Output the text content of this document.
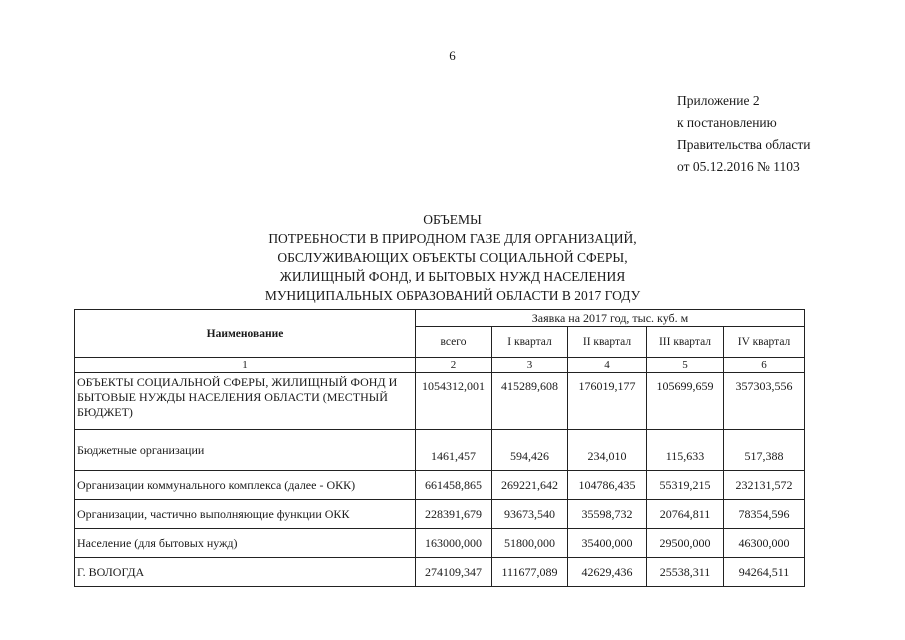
6
Приложение 2
к постановлению
Правительства области
от 05.12.2016 № 1103
ОБЪЕМЫ
ПОТРЕБНОСТИ В ПРИРОДНОМ ГАЗЕ ДЛЯ ОРГАНИЗАЦИЙ,
ОБСЛУЖИВАЮЩИХ ОБЪЕКТЫ СОЦИАЛЬНОЙ СФЕРЫ,
ЖИЛИЩНЫЙ ФОНД, И БЫТОВЫХ НУЖД НАСЕЛЕНИЯ
МУНИЦИПАЛЬНЫХ ОБРАЗОВАНИЙ ОБЛАСТИ В 2017 ГОДУ
Наименование	Заявка на 2017 год, тыс. куб. м				
	всего	I квартал	II квартал	III квартал	IV квартал
1	2	3	4	5	6
ОБЪЕКТЫ СОЦИАЛЬНОЙ СФЕРЫ, ЖИЛИЩНЫЙ ФОНД И БЫТОВЫЕ НУЖДЫ НАСЕЛЕНИЯ ОБЛАСТИ (МЕСТНЫЙ БЮДЖЕТ)	1054312,001	415289,608	176019,177	105699,659	357303,556
Бюджетные организации	1461,457	594,426	234,010	115,633	517,388
Организации коммунального комплекса (далее - ОКК)	661458,865	269221,642	104786,435	55319,215	232131,572
Организации, частично выполняющие функции ОКК	228391,679	93673,540	35598,732	20764,811	78354,596
Население (для бытовых нужд)	163000,000	51800,000	35400,000	29500,000	46300,000
Г. ВОЛОГДА	274109,347	111677,089	42629,436	25538,311	94264,511
